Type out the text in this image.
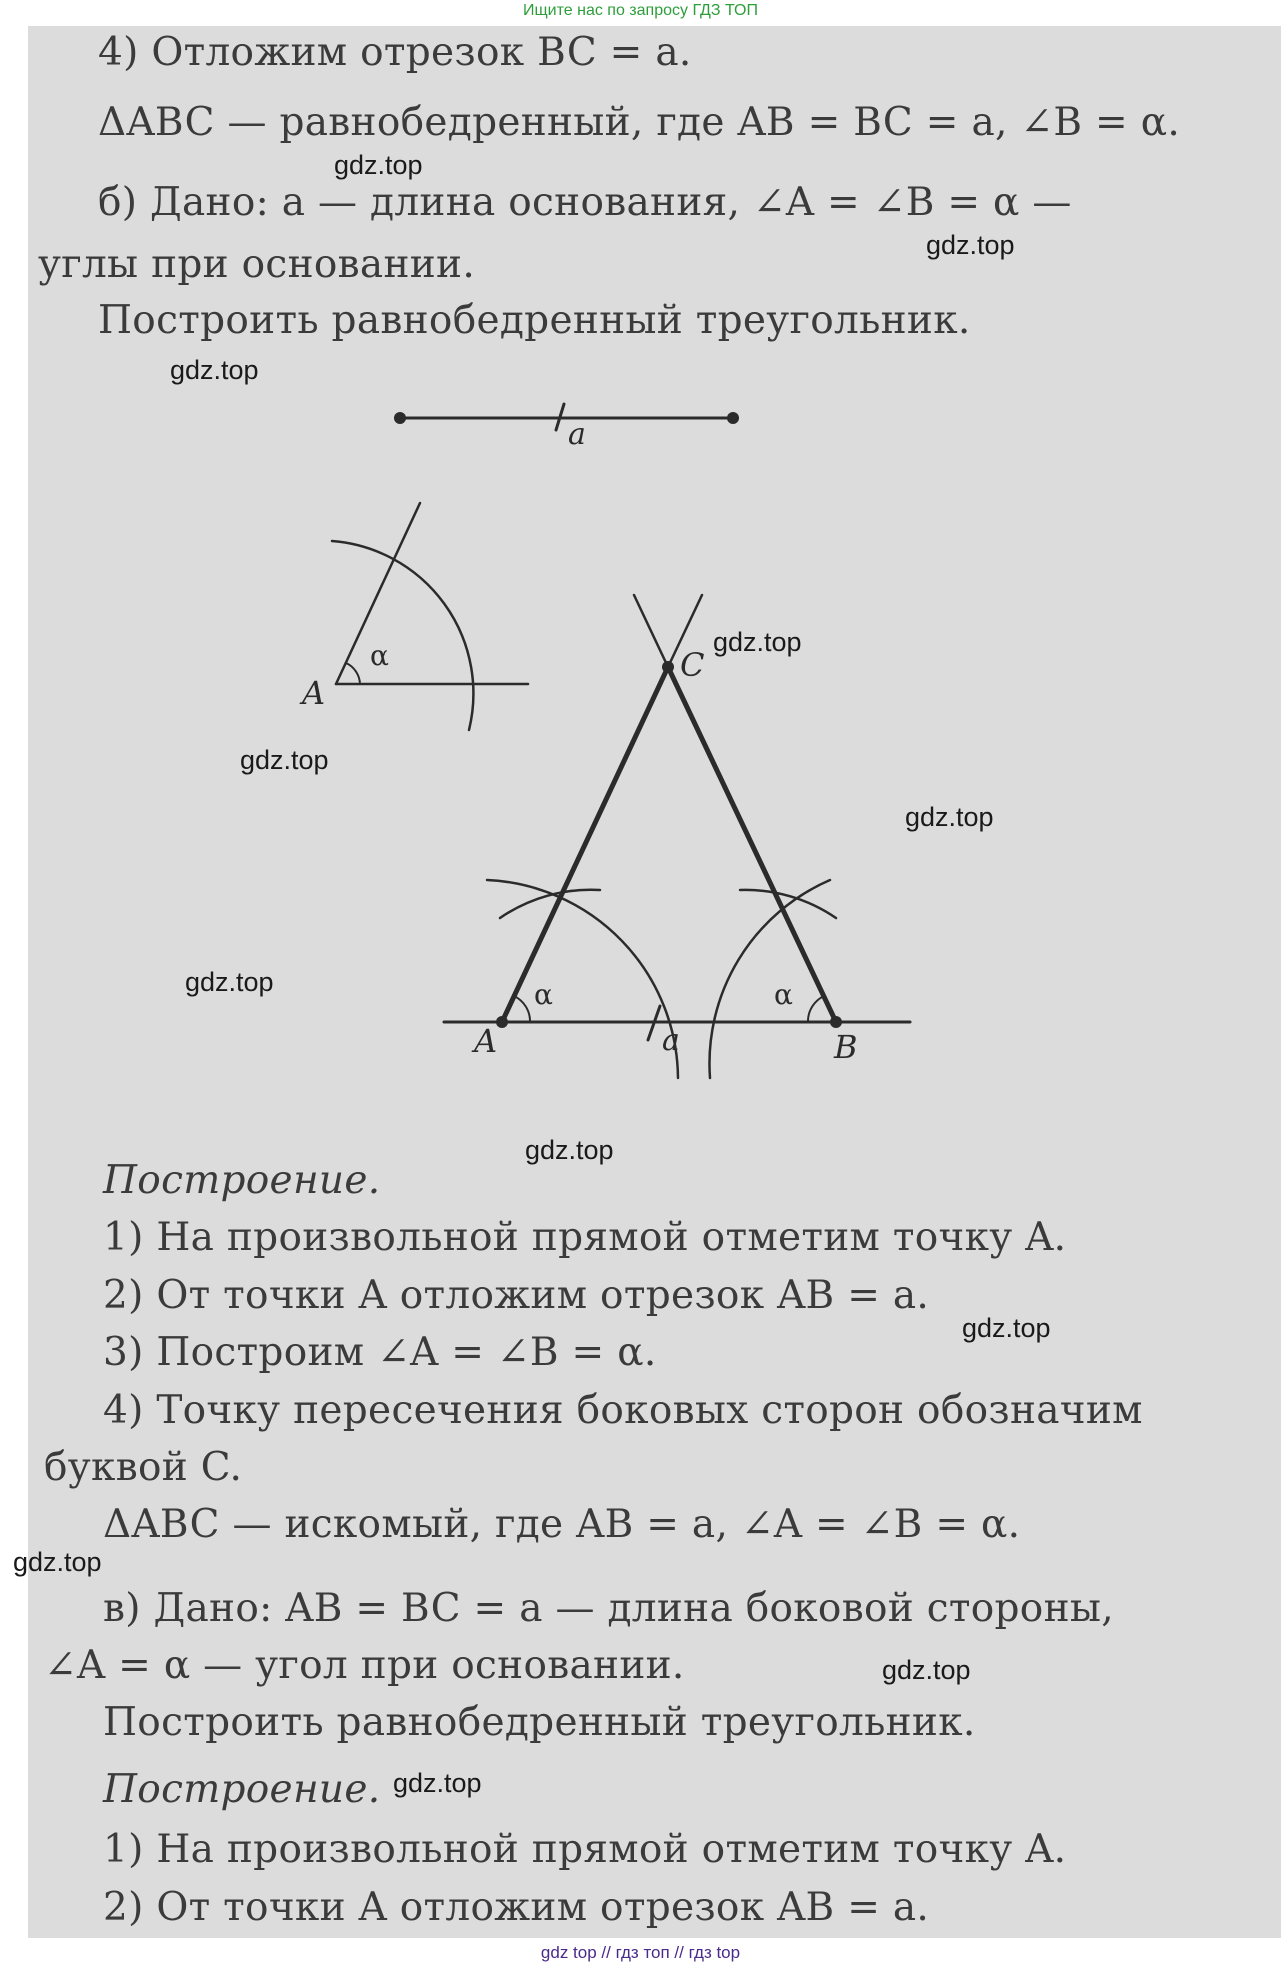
Ищите нас по запросу ГДЗ ТОП
4) Отложим отрезок BC = a.
ΔABC — равнобедренный, где AB = BC = a, ∠B = α.
б) Дано: a — длина основания, ∠A = ∠B = α —
углы при основании.
Построить равнобедренный треугольник.
Построение.
1) На произвольной прямой отметим точку A.
2) От точки A отложим отрезок AB = a.
3) Построим ∠A = ∠B = α.
4) Точку пересечения боковых сторон обозначим
буквой C.
ΔABC — искомый, где AB = a, ∠A = ∠B = α.
в) Дано: AB = BC = a — длина боковой стороны,
∠A = α — угол при основании.
Построить равнобедренный треугольник.
Построение.
1) На произвольной прямой отметим точку A.
2) От точки A отложим отрезок AB = a.
a
A
α
A	B
C
α	α
a
gdz.top
gdz.top
gdz.top
gdz.top
gdz.top
gdz.top
gdz.top
gdz.top
gdz.top
gdz.top
gdz.top
gdz.top
gdz top // гдз топ // гдз top
